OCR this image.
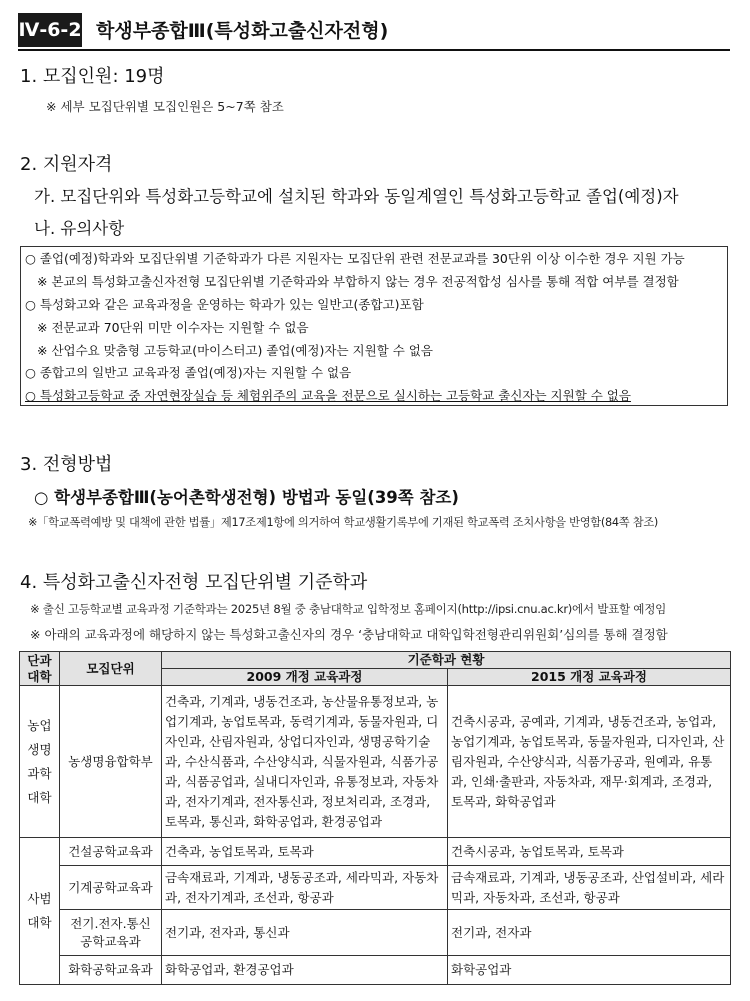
Ⅳ-6-2 학생부종합Ⅲ(특성화고출신자전형)
1. 모집인원: 19명
※ 세부 모집단위별 모집인원은 5~7쪽 참조
2. 지원자격
가. 모집단위와 특성화고등학교에 설치된 학과와 동일계열인 특성화고등학교 졸업(예정)자
나. 유의사항
○ 졸업(예정)학과와 모집단위별 기준학과가 다른 지원자는 모집단위 관련 전문교과를 30단위 이상 이수한 경우 지원 가능
※ 본교의 특성화고출신자전형 모집단위별 기준학과와 부합하지 않는 경우 전공적합성 심사를 통해 적합 여부를 결정함
○ 특성화고와 같은 교육과정을 운영하는 학과가 있는 일반고(종합고)포함
※ 전문교과 70단위 미만 이수자는 지원할 수 없음
※ 산업수요 맞춤형 고등학교(마이스터고) 졸업(예정)자는 지원할 수 없음
○ 종합고의 일반고 교육과정 졸업(예정)자는 지원할 수 없음
○ 특성화고등학교 중 자연현장실습 등 체험위주의 교육을 전문으로 실시하는 고등학교 출신자는 지원할 수 없음
3. 전형방법
○ 학생부종합Ⅲ(농어촌학생전형) 방법과 동일(39쪽 참조)
※「학교폭력예방 및 대책에 관한 법률」제17조제1항에 의거하여 학교생활기록부에 기재된 학교폭력 조치사항을 반영함(84쪽 참조)
4. 특성화고출신자전형 모집단위별 기준학과
※ 출신 고등학교별 교육과정 기준학과는 2025년 8월 중 충남대학교 입학정보 홈페이지(http://ipsi.cnu.ac.kr)에서 발표할 예정임
※ 아래의 교육과정에 해당하지 않는 특성화고출신자의 경우 ‘충남대학교 대학입학전형관리위원회’심의를 통해 결정함
단과
대학	모집단위	기준학과 현황	
		2009 개정 교육과정	2015 개정 교육과정
농업
생명
과학
대학	농생명융합학부	건축과, 기계과, 냉동건조과, 농산물유통정보과, 농업기계과, 농업토목과, 동력기계과, 동물자원과, 디자인과, 산림자원과, 상업디자인과, 생명공학기술과, 수산식품과, 수산양식과, 식물자원과, 식품가공과, 식품공업과, 실내디자인과, 유통정보과, 자동차과, 전자기계과, 전자통신과, 정보처리과, 조경과, 토목과, 통신과, 화학공업과, 환경공업과	건축시공과, 공예과, 기계과, 냉동건조과, 농업과, 농업기계과, 농업토목과, 동물자원과, 디자인과, 산림자원과, 수산양식과, 식품가공과, 원예과, 유통과, 인쇄·출판과, 자동차과, 재무·회계과, 조경과, 토목과, 화학공업과
사범
대학	건설공학교육과	건축과, 농업토목과, 토목과	건축시공과, 농업토목과, 토목과
	기계공학교육과	금속재료과, 기계과, 냉동공조과, 세라믹과, 자동차과, 전자기계과, 조선과, 항공과	금속재료과, 기계과, 냉동공조과, 산업설비과, 세라믹과, 자동차과, 조선과, 항공과
	전기.전자.통신
공학교육과	전기과, 전자과, 통신과	전기과, 전자과
	화학공학교육과	화학공업과, 환경공업과	화학공업과
